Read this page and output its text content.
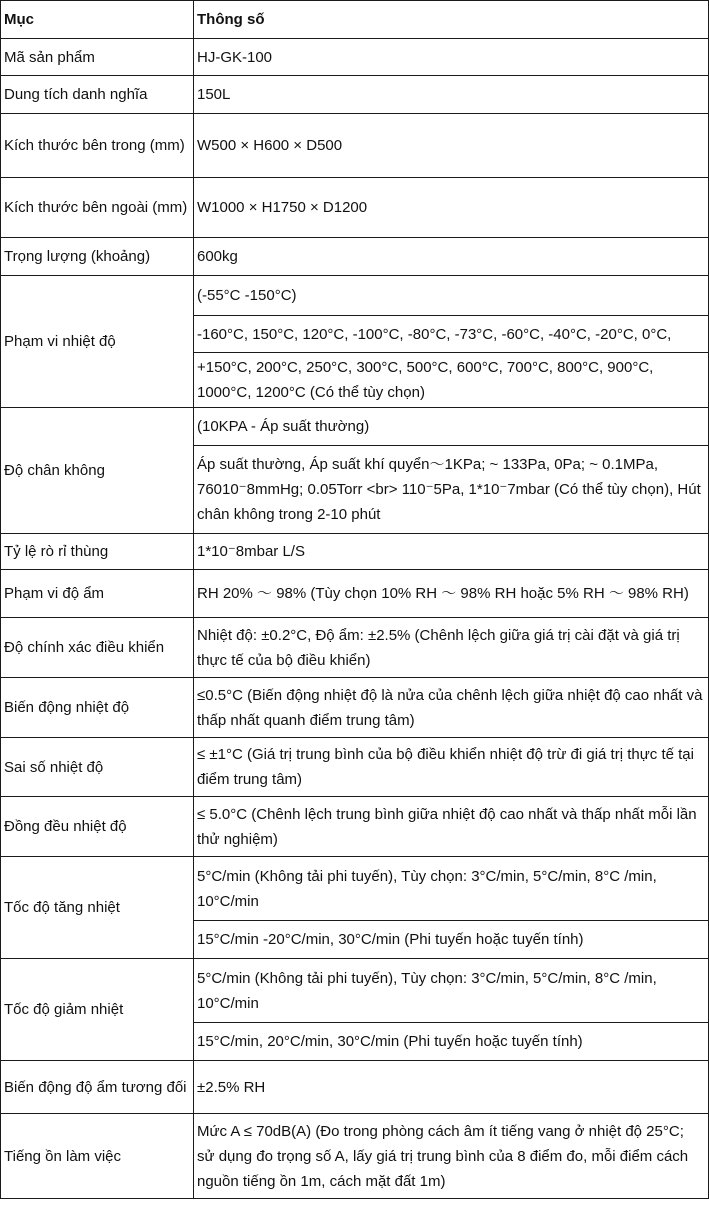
Mục	Thông số
Mã sản phẩm	HJ-GK-100
Dung tích danh nghĩa	150L
Kích thước bên trong (mm)	W500 × H600 × D500
Kích thước bên ngoài (mm)	W1000 × H1750 × D1200
Trọng lượng (khoảng)	600kg
Phạm vi nhiệt độ	(-55°C -150°C)
	-160°C, 150°C, 120°C, -100°C, -80°C, -73°C, -60°C, -40°C, -20°C, 0°C,
	+150°C, 200°C, 250°C, 300°C, 500°C, 600°C, 700°C, 800°C, 900°C, 1000°C, 1200°C (Có thể tùy chọn)
Độ chân không	(10KPA - Áp suất thường)
	Áp suất thường, Áp suất khí quyển～1KPa; ~ 133Pa, 0Pa; ~ 0.1MPa, 76010⁻8mmHg; 0.05Torr <br> 110⁻5Pa, 1*10⁻7mbar (Có thể tùy chọn), Hút chân không trong 2-10 phút
Tỷ lệ rò rỉ thùng	1*10⁻8mbar L/S
Phạm vi độ ẩm	RH 20% ～ 98% (Tùy chọn 10% RH ～ 98% RH hoặc 5% RH ～ 98% RH)
Độ chính xác điều khiển	Nhiệt độ: ±0.2°C, Độ ẩm: ±2.5% (Chênh lệch giữa giá trị cài đặt và giá trị thực tế của bộ điều khiển)
Biến động nhiệt độ	≤0.5°C (Biến động nhiệt độ là nửa của chênh lệch giữa nhiệt độ cao nhất và thấp nhất quanh điểm trung tâm)
Sai số nhiệt độ	≤ ±1°C (Giá trị trung bình của bộ điều khiển nhiệt độ trừ đi giá trị thực tế tại điểm trung tâm)
Đồng đều nhiệt độ	≤ 5.0°C (Chênh lệch trung bình giữa nhiệt độ cao nhất và thấp nhất mỗi lần thử nghiệm)
Tốc độ tăng nhiệt	5°C/min (Không tải phi tuyến), Tùy chọn: 3°C/min, 5°C/min, 8°C /min, 10°C/min
	15°C/min -20°C/min, 30°C/min (Phi tuyến hoặc tuyến tính)
Tốc độ giảm nhiệt	5°C/min (Không tải phi tuyến), Tùy chọn: 3°C/min, 5°C/min, 8°C /min, 10°C/min
	15°C/min, 20°C/min, 30°C/min (Phi tuyến hoặc tuyến tính)
Biến động độ ẩm tương đối	±2.5% RH
Tiếng ồn làm việc	Mức A ≤ 70dB(A) (Đo trong phòng cách âm ít tiếng vang ở nhiệt độ 25°C; sử dụng đo trọng số A, lấy giá trị trung bình của 8 điểm đo, mỗi điểm cách nguồn tiếng ồn 1m, cách mặt đất 1m)
